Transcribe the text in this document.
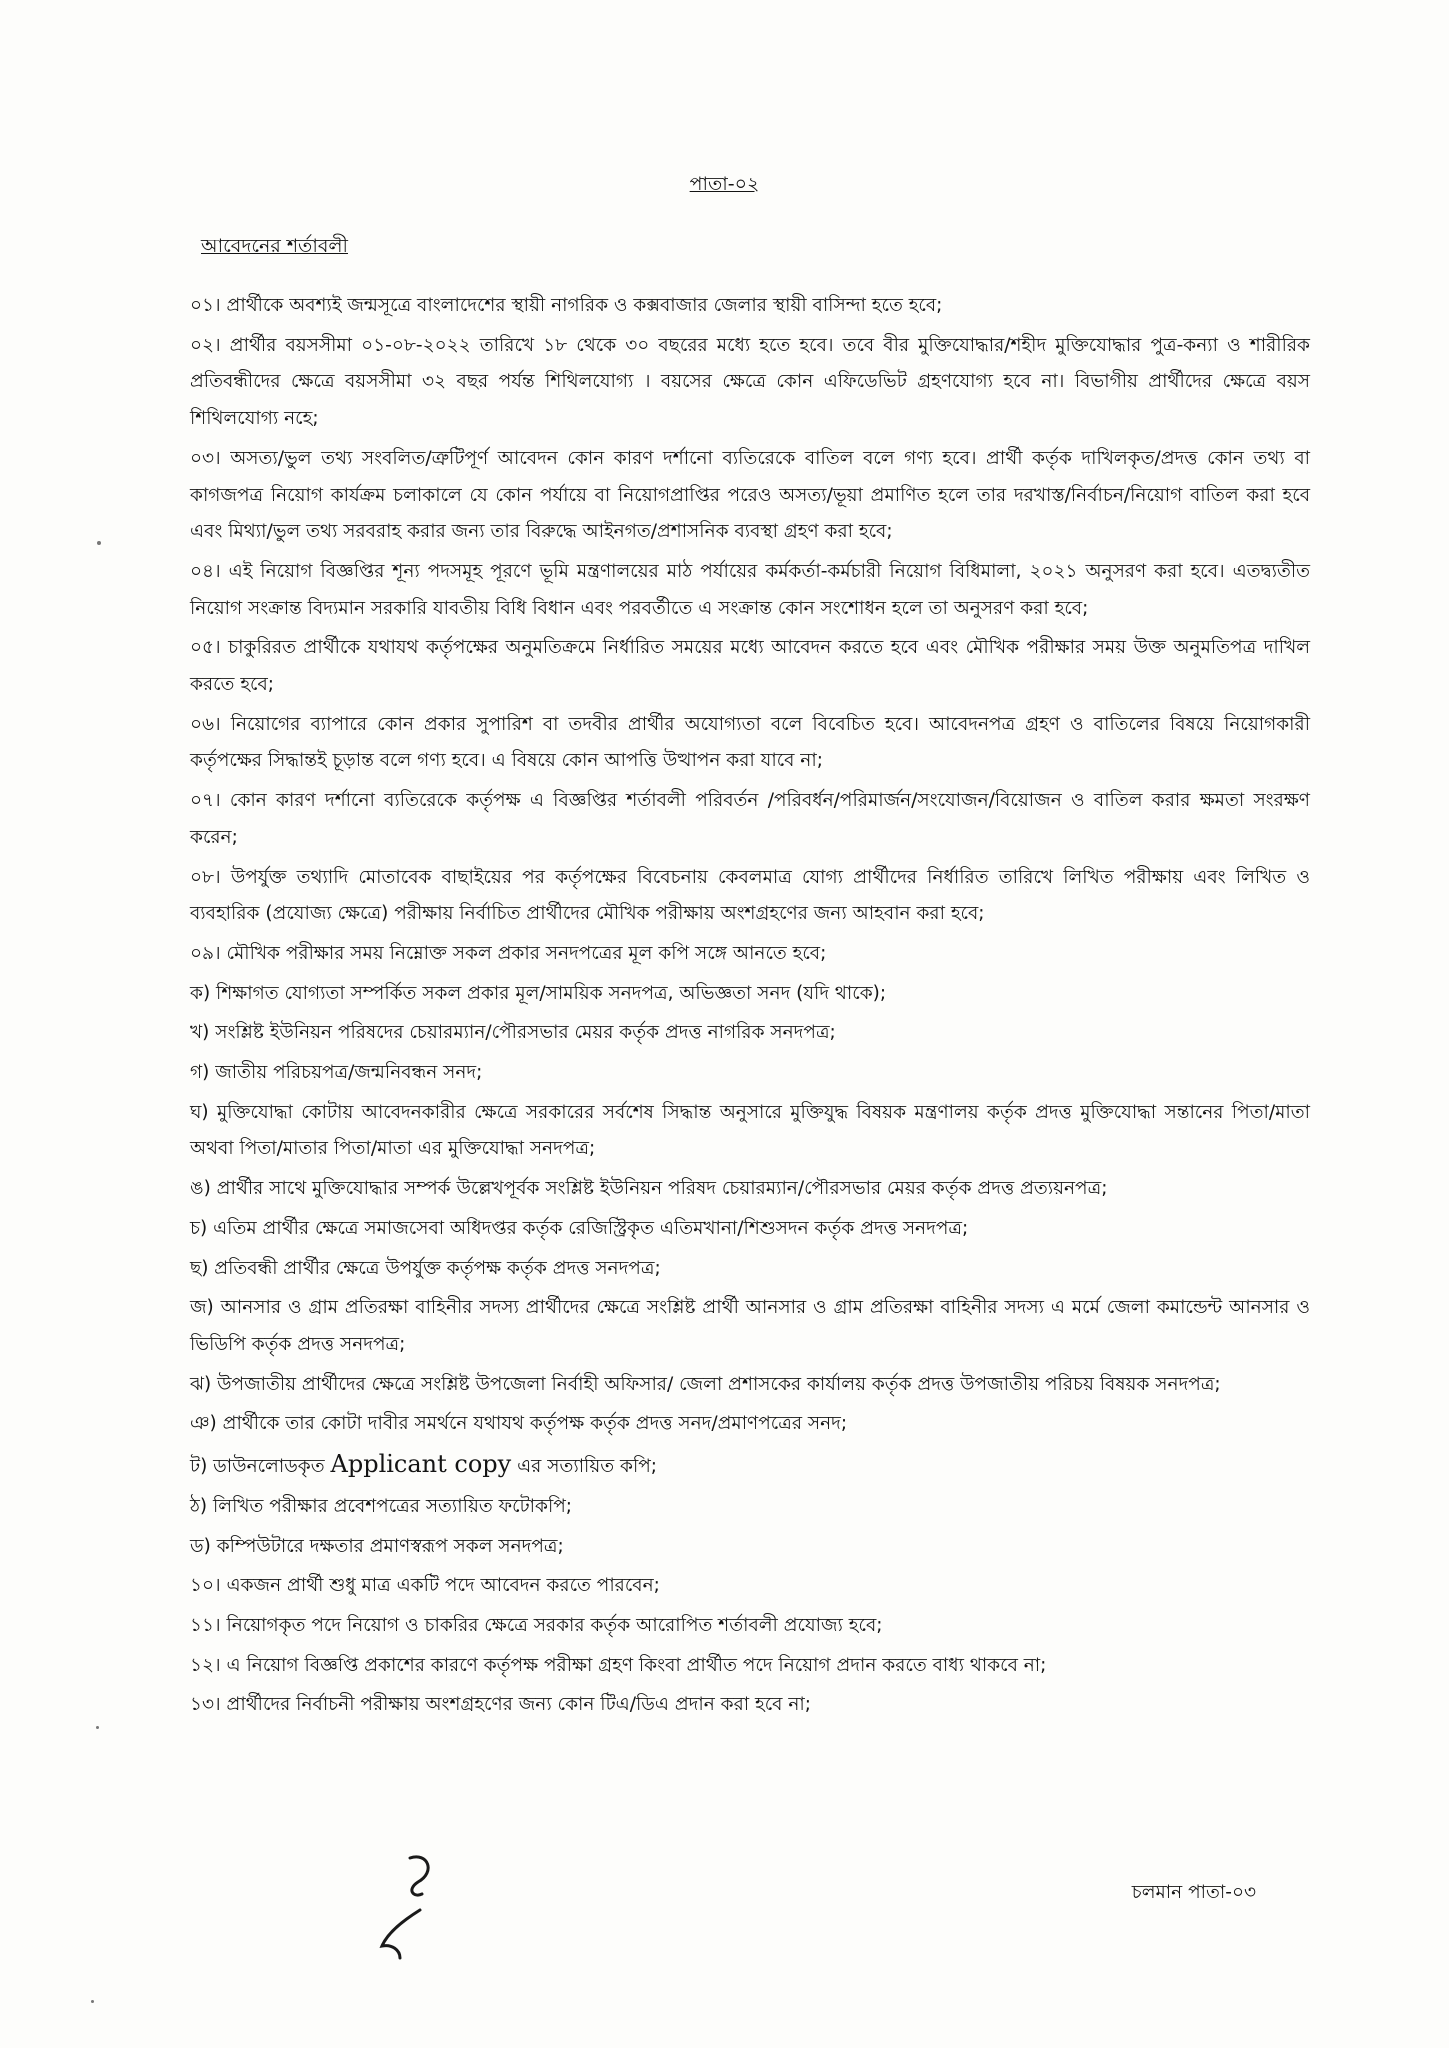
পাতা-০২
আবেদনের শর্তাবলী

০১। প্রার্থীকে অবশ্যই জন্মসূত্রে বাংলাদেশের স্থায়ী নাগরিক ও কক্সবাজার জেলার স্থায়ী বাসিন্দা হতে হবে;

০২। প্রার্থীর বয়সসীমা ০১-০৮-২০২২ তারিখে ১৮ থেকে ৩০ বছরের মধ্যে হতে হবে। তবে বীর মুক্তিযোদ্ধার/শহীদ মুক্তিযোদ্ধার পুত্র-কন্যা ও শারীরিক প্রতিবন্ধীদের ক্ষেত্রে বয়সসীমা ৩২ বছর পর্যন্ত শিথিলযোগ্য । বয়সের ক্ষেত্রে কোন এফিডেভিট গ্রহণযোগ্য হবে না। বিভাগীয় প্রার্থীদের ক্ষেত্রে বয়স শিথিলযোগ্য নহে;

০৩। অসত্য/ভুল তথ্য সংবলিত/ত্রুটিপূর্ণ আবেদন কোন কারণ দর্শানো ব্যতিরেকে বাতিল বলে গণ্য হবে। প্রার্থী কর্তৃক দাখিলকৃত/প্রদত্ত কোন তথ্য বা কাগজপত্র নিয়োগ কার্যক্রম চলাকালে যে কোন পর্যায়ে বা নিয়োগপ্রাপ্তির পরেও অসত্য/ভূয়া প্রমাণিত হলে তার দরখাস্ত/নির্বাচন/নিয়োগ বাতিল করা হবে এবং মিথ্যা/ভুল তথ্য সরবরাহ করার জন্য তার বিরুদ্ধে আইনগত/প্রশাসনিক ব্যবস্থা গ্রহণ করা হবে;

০৪। এই নিয়োগ বিজ্ঞপ্তির শূন্য পদসমূহ পূরণে ভূমি মন্ত্রণালয়ের মাঠ পর্যায়ের কর্মকর্তা-কর্মচারী নিয়োগ বিধিমালা, ২০২১ অনুসরণ করা হবে। এতদ্ব্যতীত নিয়োগ সংক্রান্ত বিদ্যমান সরকারি যাবতীয় বিধি বিধান এবং পরবর্তীতে এ সংক্রান্ত কোন সংশোধন হলে তা অনুসরণ করা হবে;

০৫। চাকুরিরত প্রার্থীকে যথাযথ কর্তৃপক্ষের অনুমতিক্রমে নির্ধারিত সময়ের মধ্যে আবেদন করতে হবে এবং মৌখিক পরীক্ষার সময় উক্ত অনুমতিপত্র দাখিল করতে হবে;

০৬। নিয়োগের ব্যাপারে কোন প্রকার সুপারিশ বা তদবীর প্রার্থীর অযোগ্যতা বলে বিবেচিত হবে। আবেদনপত্র গ্রহণ ও বাতিলের বিষয়ে নিয়োগকারী কর্তৃপক্ষের সিদ্ধান্তই চূড়ান্ত বলে গণ্য হবে। এ বিষয়ে কোন আপত্তি উত্থাপন করা যাবে না;

০৭। কোন কারণ দর্শানো ব্যতিরেকে কর্তৃপক্ষ এ বিজ্ঞপ্তির শর্তাবলী পরিবর্তন /পরিবর্ধন/পরিমার্জন/সংযোজন/বিয়োজন ও বাতিল করার ক্ষমতা সংরক্ষণ করেন;

০৮। উপর্যুক্ত তথ্যাদি মোতাবেক বাছাইয়ের পর কর্তৃপক্ষের বিবেচনায় কেবলমাত্র যোগ্য প্রার্থীদের নির্ধারিত তারিখে লিখিত পরীক্ষায় এবং লিখিত ও ব্যবহারিক (প্রযোজ্য ক্ষেত্রে) পরীক্ষায় নির্বাচিত প্রার্থীদের মৌখিক পরীক্ষায় অংশগ্রহণের জন্য আহবান করা হবে;

০৯। মৌখিক পরীক্ষার সময় নিম্নোক্ত সকল প্রকার সনদপত্রের মূল কপি সঙ্গে আনতে হবে;

ক) শিক্ষাগত যোগ্যতা সম্পর্কিত সকল প্রকার মূল/সাময়িক সনদপত্র, অভিজ্ঞতা সনদ (যদি থাকে);

খ) সংশ্লিষ্ট ইউনিয়ন পরিষদের চেয়ারম্যান/পৌরসভার মেয়র কর্তৃক প্রদত্ত নাগরিক সনদপত্র;

গ) জাতীয় পরিচয়পত্র/জন্মনিবন্ধন সনদ;

ঘ) মুক্তিযোদ্ধা কোটায় আবেদনকারীর ক্ষেত্রে সরকারের সর্বশেষ সিদ্ধান্ত অনুসারে মুক্তিযুদ্ধ বিষয়ক মন্ত্রণালয় কর্তৃক প্রদত্ত মুক্তিযোদ্ধা সন্তানের পিতা/মাতা অথবা পিতা/মাতার পিতা/মাতা এর মুক্তিযোদ্ধা সনদপত্র;

ঙ) প্রার্থীর সাথে মুক্তিযোদ্ধার সম্পর্ক উল্লেখপূর্বক সংশ্লিষ্ট ইউনিয়ন পরিষদ চেয়ারম্যান/পৌরসভার মেয়র কর্তৃক প্রদত্ত প্রত্যয়নপত্র;

চ) এতিম প্রার্থীর ক্ষেত্রে সমাজসেবা অধিদপ্তর কর্তৃক রেজিস্ট্রিকৃত এতিমখানা/শিশুসদন কর্তৃক প্রদত্ত সনদপত্র;

ছ) প্রতিবন্ধী প্রার্থীর ক্ষেত্রে উপর্যুক্ত কর্তৃপক্ষ কর্তৃক প্রদত্ত সনদপত্র;

জ) আনসার ও গ্রাম প্রতিরক্ষা বাহিনীর সদস্য প্রার্থীদের ক্ষেত্রে সংশ্লিষ্ট প্রার্থী আনসার ও গ্রাম প্রতিরক্ষা বাহিনীর সদস্য এ মর্মে জেলা কমান্ডেন্ট আনসার ও ভিডিপি কর্তৃক প্রদত্ত সনদপত্র;

ঝ) উপজাতীয় প্রার্থীদের ক্ষেত্রে সংশ্লিষ্ট উপজেলা নির্বাহী অফিসার/ জেলা প্রশাসকের কার্যালয় কর্তৃক প্রদত্ত উপজাতীয় পরিচয় বিষয়ক সনদপত্র;

ঞ) প্রার্থীকে তার কোটা দাবীর সমর্থনে যথাযথ কর্তৃপক্ষ কর্তৃক প্রদত্ত সনদ/প্রমাণপত্রের সনদ;

ট) ডাউনলোডকৃত Applicant copy এর সত্যায়িত কপি;

ঠ) লিখিত পরীক্ষার প্রবেশপত্রের সত্যায়িত ফটোকপি;

ড) কম্পিউটারে দক্ষতার প্রমাণস্বরূপ সকল সনদপত্র;

১০। একজন প্রার্থী শুধু মাত্র একটি পদে আবেদন করতে পারবেন;

১১। নিয়োগকৃত পদে নিয়োগ ও চাকরির ক্ষেত্রে সরকার কর্তৃক আরোপিত শর্তাবলী প্রযোজ্য হবে;

১২। এ নিয়োগ বিজ্ঞপ্তি প্রকাশের কারণে কর্তৃপক্ষ পরীক্ষা গ্রহণ কিংবা প্রার্থীত পদে নিয়োগ প্রদান করতে বাধ্য থাকবে না;

১৩। প্রার্থীদের নির্বাচনী পরীক্ষায় অংশগ্রহণের জন্য কোন টিএ/ডিএ প্রদান করা হবে না;

চলমান পাতা-০৩
